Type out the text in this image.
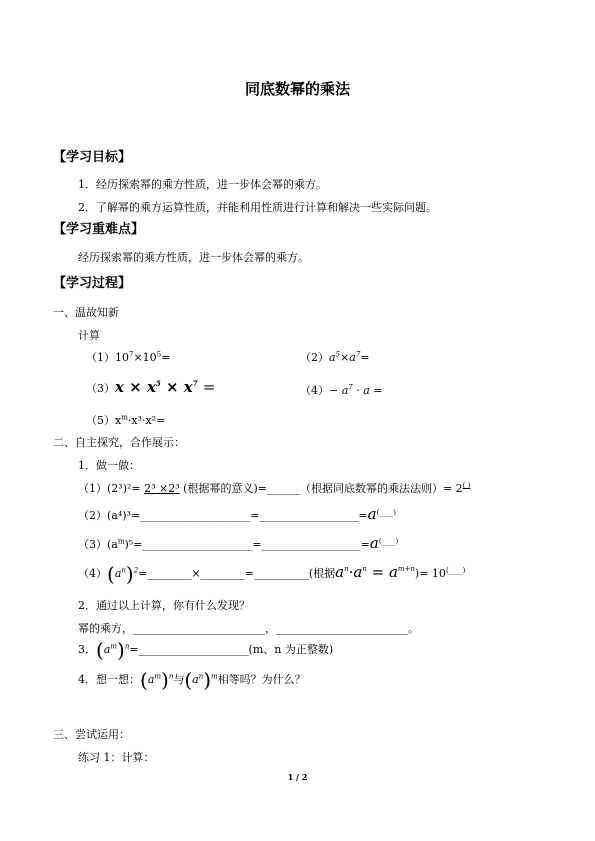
同底数幂的乘法
【学习目标】
1．经历探索幂的乘方性质，进一步体会幂的乘方。
2．了解幂的乘方运算性质，并能利用性质进行计算和解决一些实际问题。
【学习重难点】
经历探索幂的乘方性质，进一步体会幂的乘方。
【学习过程】
一、温故知新
计算
$(1)10^7\times 10^5=$	$(2)a^5\times a^7=$
$(3)x \times x^5 \times x^7$ =	$(4)- a^7 \cdot a$ =
$(5)x^m\cdot x^3\cdot x^2=$
二、自主探究，合作展示：
1．做一做：
（1）(2³)²= 2³ ×2³ (根据幂的意义)=______（根据同底数幂的乘法法则）= 2( )
（2）(a⁴)³=____________________=__________________=a(____)
$(3)(a^m)^5=\_\_\_\_\_\_\_\_\_\_\_\_\_\_\_\_\_\_\_\_=\_\_\_\_\_\_\_\_\_\_\_\_\_\_\_\_\_\_=a^{(\_\_\_\_)}$
$(4)(a^n)^2=\_\_\_\_\_\_\_\_\times\_\_\_\_\_\_\_\_=\_\_\_\_\_\_\_\_\_\_$(根据$a^n\cdot a^n = a^{m+n})= 10^{(\_\_\_\_)}$
2．通过以上计算，你有什么发现？
幂的乘方，________________________，________________________。
3．$(a^m)^n=\_\_\_\_\_\_\_\_\_\_\_\_\_\_\_\_\_\_\_\_(m$、n 为正整数)
4．想一想：$(a^m)^n$与$(a^n)^m$相等吗？为什么？
三、尝试运用：
练习 1：计算：
1 / 2
